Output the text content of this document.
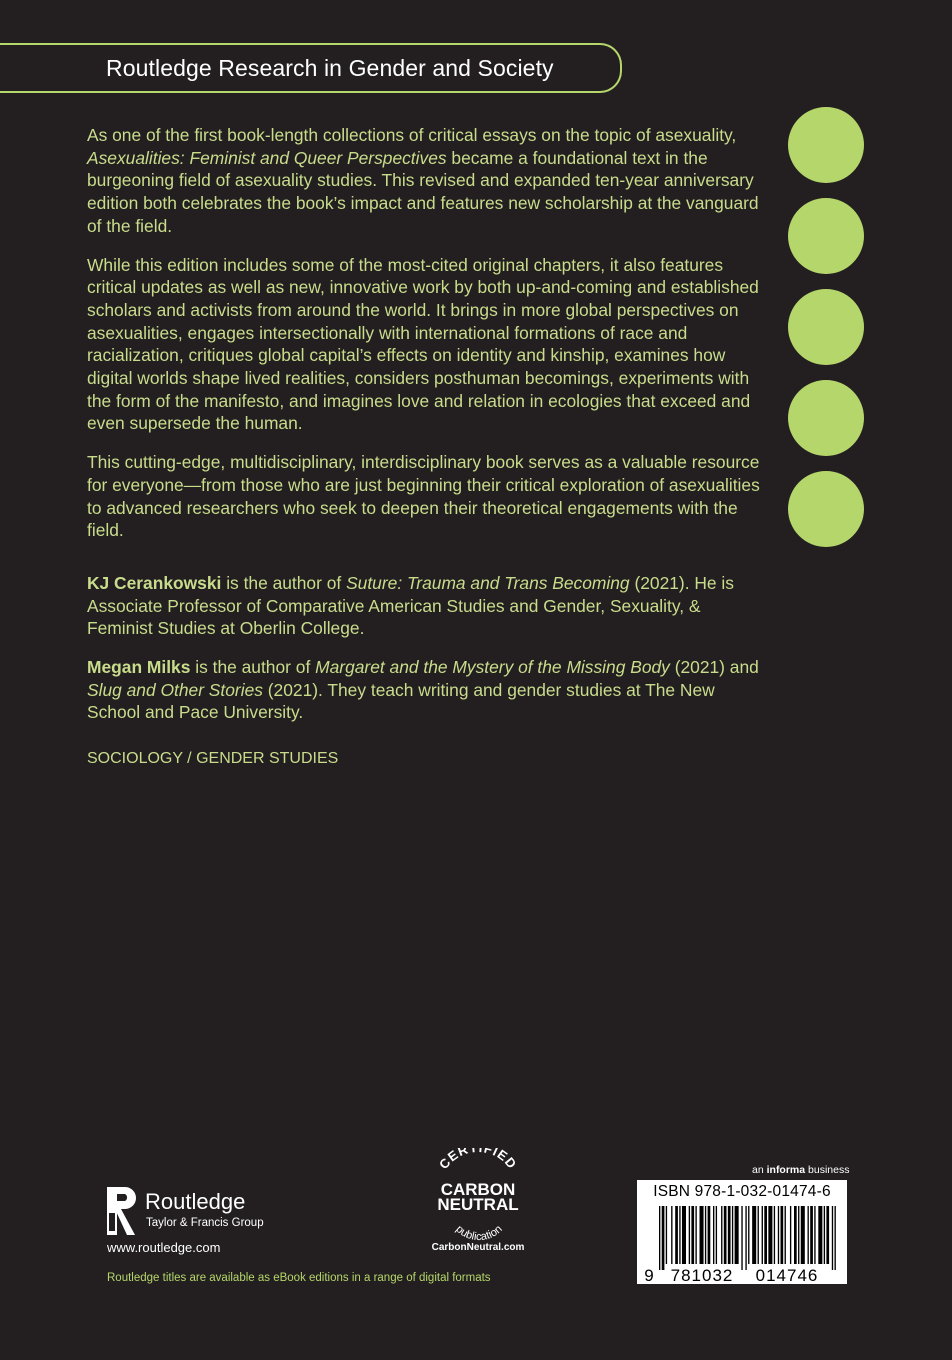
Routledge Research in Gender and Society

As one of the first book-length collections of critical essays on the topic of asexuality, Asexualities: Feminist and Queer Perspectives became a foundational text in the burgeoning field of asexuality studies. This revised and expanded ten-year anniversary edition both celebrates the book’s impact and features new scholarship at the vanguard of the field.

While this edition includes some of the most-cited original chapters, it also features critical updates as well as new, innovative work by both up-and-coming and established scholars and activists from around the world. It brings in more global perspectives on asexualities, engages intersectionally with international formations of race and racialization, critiques global capital’s effects on identity and kinship, examines how digital worlds shape lived realities, considers posthuman becomings, experiments with the form of the manifesto, and imagines love and relation in ecologies that exceed and even supersede the human.

This cutting-edge, multidisciplinary, interdisciplinary book serves as a valuable resource for everyone—from those who are just beginning their critical exploration of asexualities to advanced researchers who seek to deepen their theoretical engagements with the field.

KJ Cerankowski is the author of Suture: Trauma and Trans Becoming (2021). He is Associate Professor of Comparative American Studies and Gender, Sexuality, & Feminist Studies at Oberlin College.

Megan Milks is the author of Margaret and the Mystery of the Missing Body (2021) and Slug and Other Stories (2021). They teach writing and gender studies at The New School and Pace University.

SOCIOLOGY / GENDER STUDIES

Routledge
Taylor & Francis Group
www.routledge.com
Routledge titles are available as eBook editions in a range of digital formats
CER FIED
CARBON
NEUTRAL
publication
CarbonNeutral.com
an informa business
ISBN 978-1-032-01474-6
9 781032 014746
